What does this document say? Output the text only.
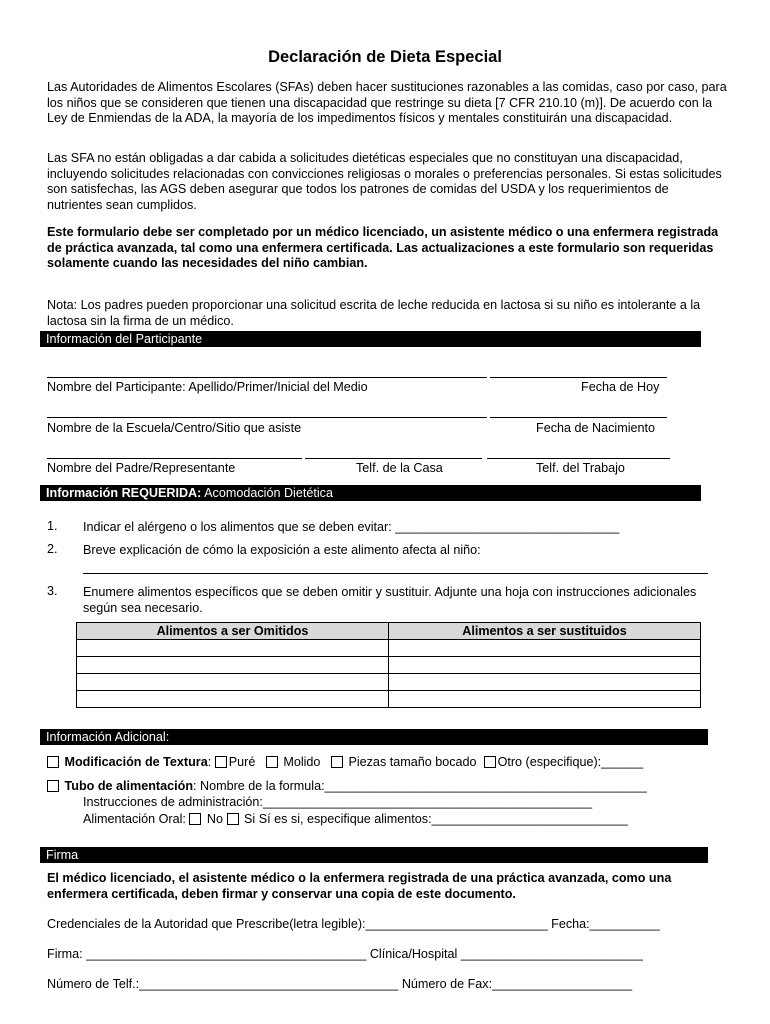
Declaración de Dieta Especial
Las Autoridades de Alimentos Escolares (SFAs) deben hacer sustituciones razonables a las comidas, caso por caso, para los niños que se consideren que tienen una discapacidad que restringe su dieta [7 CFR 210.10 (m)]. De acuerdo con la Ley de Enmiendas de la ADA, la mayoría de los impedimentos físicos y mentales constituirán una discapacidad.
Las SFA no están obligadas a dar cabida a solicitudes dietéticas especiales que no constituyan una discapacidad, incluyendo solicitudes relacionadas con convicciones religiosas o morales o preferencias personales. Si estas solicitudes son satisfechas, las AGS deben asegurar que todos los patrones de comidas del USDA y los requerimientos de nutrientes sean cumplidos.
Este formulario debe ser completado por un médico licenciado, un asistente médico o una enfermera registrada de práctica avanzada, tal como una enfermera certificada. Las actualizaciones a este formulario son requeridas solamente cuando las necesidades del niño cambian.
Nota: Los padres pueden proporcionar una solicitud escrita de leche reducida en lactosa si su niño es intolerante a la lactosa sin la firma de un médico.
Información del Participante
Nombre del Participante: Apellido/Primer/Inicial del Medio	Fecha de Hoy
Nombre de la Escuela/Centro/Sitio que asiste	Fecha de Nacimiento
Nombre del Padre/Representante	Telf. de la Casa	Telf. del Trabajo
Información REQUERIDA: Acomodación Dietética
1. Indicar el alérgeno o los alimentos que se deben evitar: ________________________________
2. Breve explicación de cómo la exposición a este alimento afecta al niño:
3. Enumere alimentos específicos que se deben omitir y sustituir. Adjunte una hoja con instrucciones adicionales según sea necesario.
Alimentos a ser Omitidos	Alimentos a ser sustituidos

Información Adicional:
Modificación de Textura: Puré Molido Piezas tamaño bocado Otro (especifique):______
Tubo de alimentación: Nombre de la formula:______________________________________________
Instrucciones de administración:_______________________________________________
Alimentación Oral: No Si Sí es si, especifique alimentos:____________________________
Firma
El médico licenciado, el asistente médico o la enfermera registrada de una práctica avanzada, como una enfermera certificada, deben firmar y conservar una copia de este documento.
Credenciales de la Autoridad que Prescribe(letra legible):__________________________ Fecha:__________
Firma: ________________________________________ Clínica/Hospital __________________________
Número de Telf.:_____________________________________ Número de Fax:____________________
